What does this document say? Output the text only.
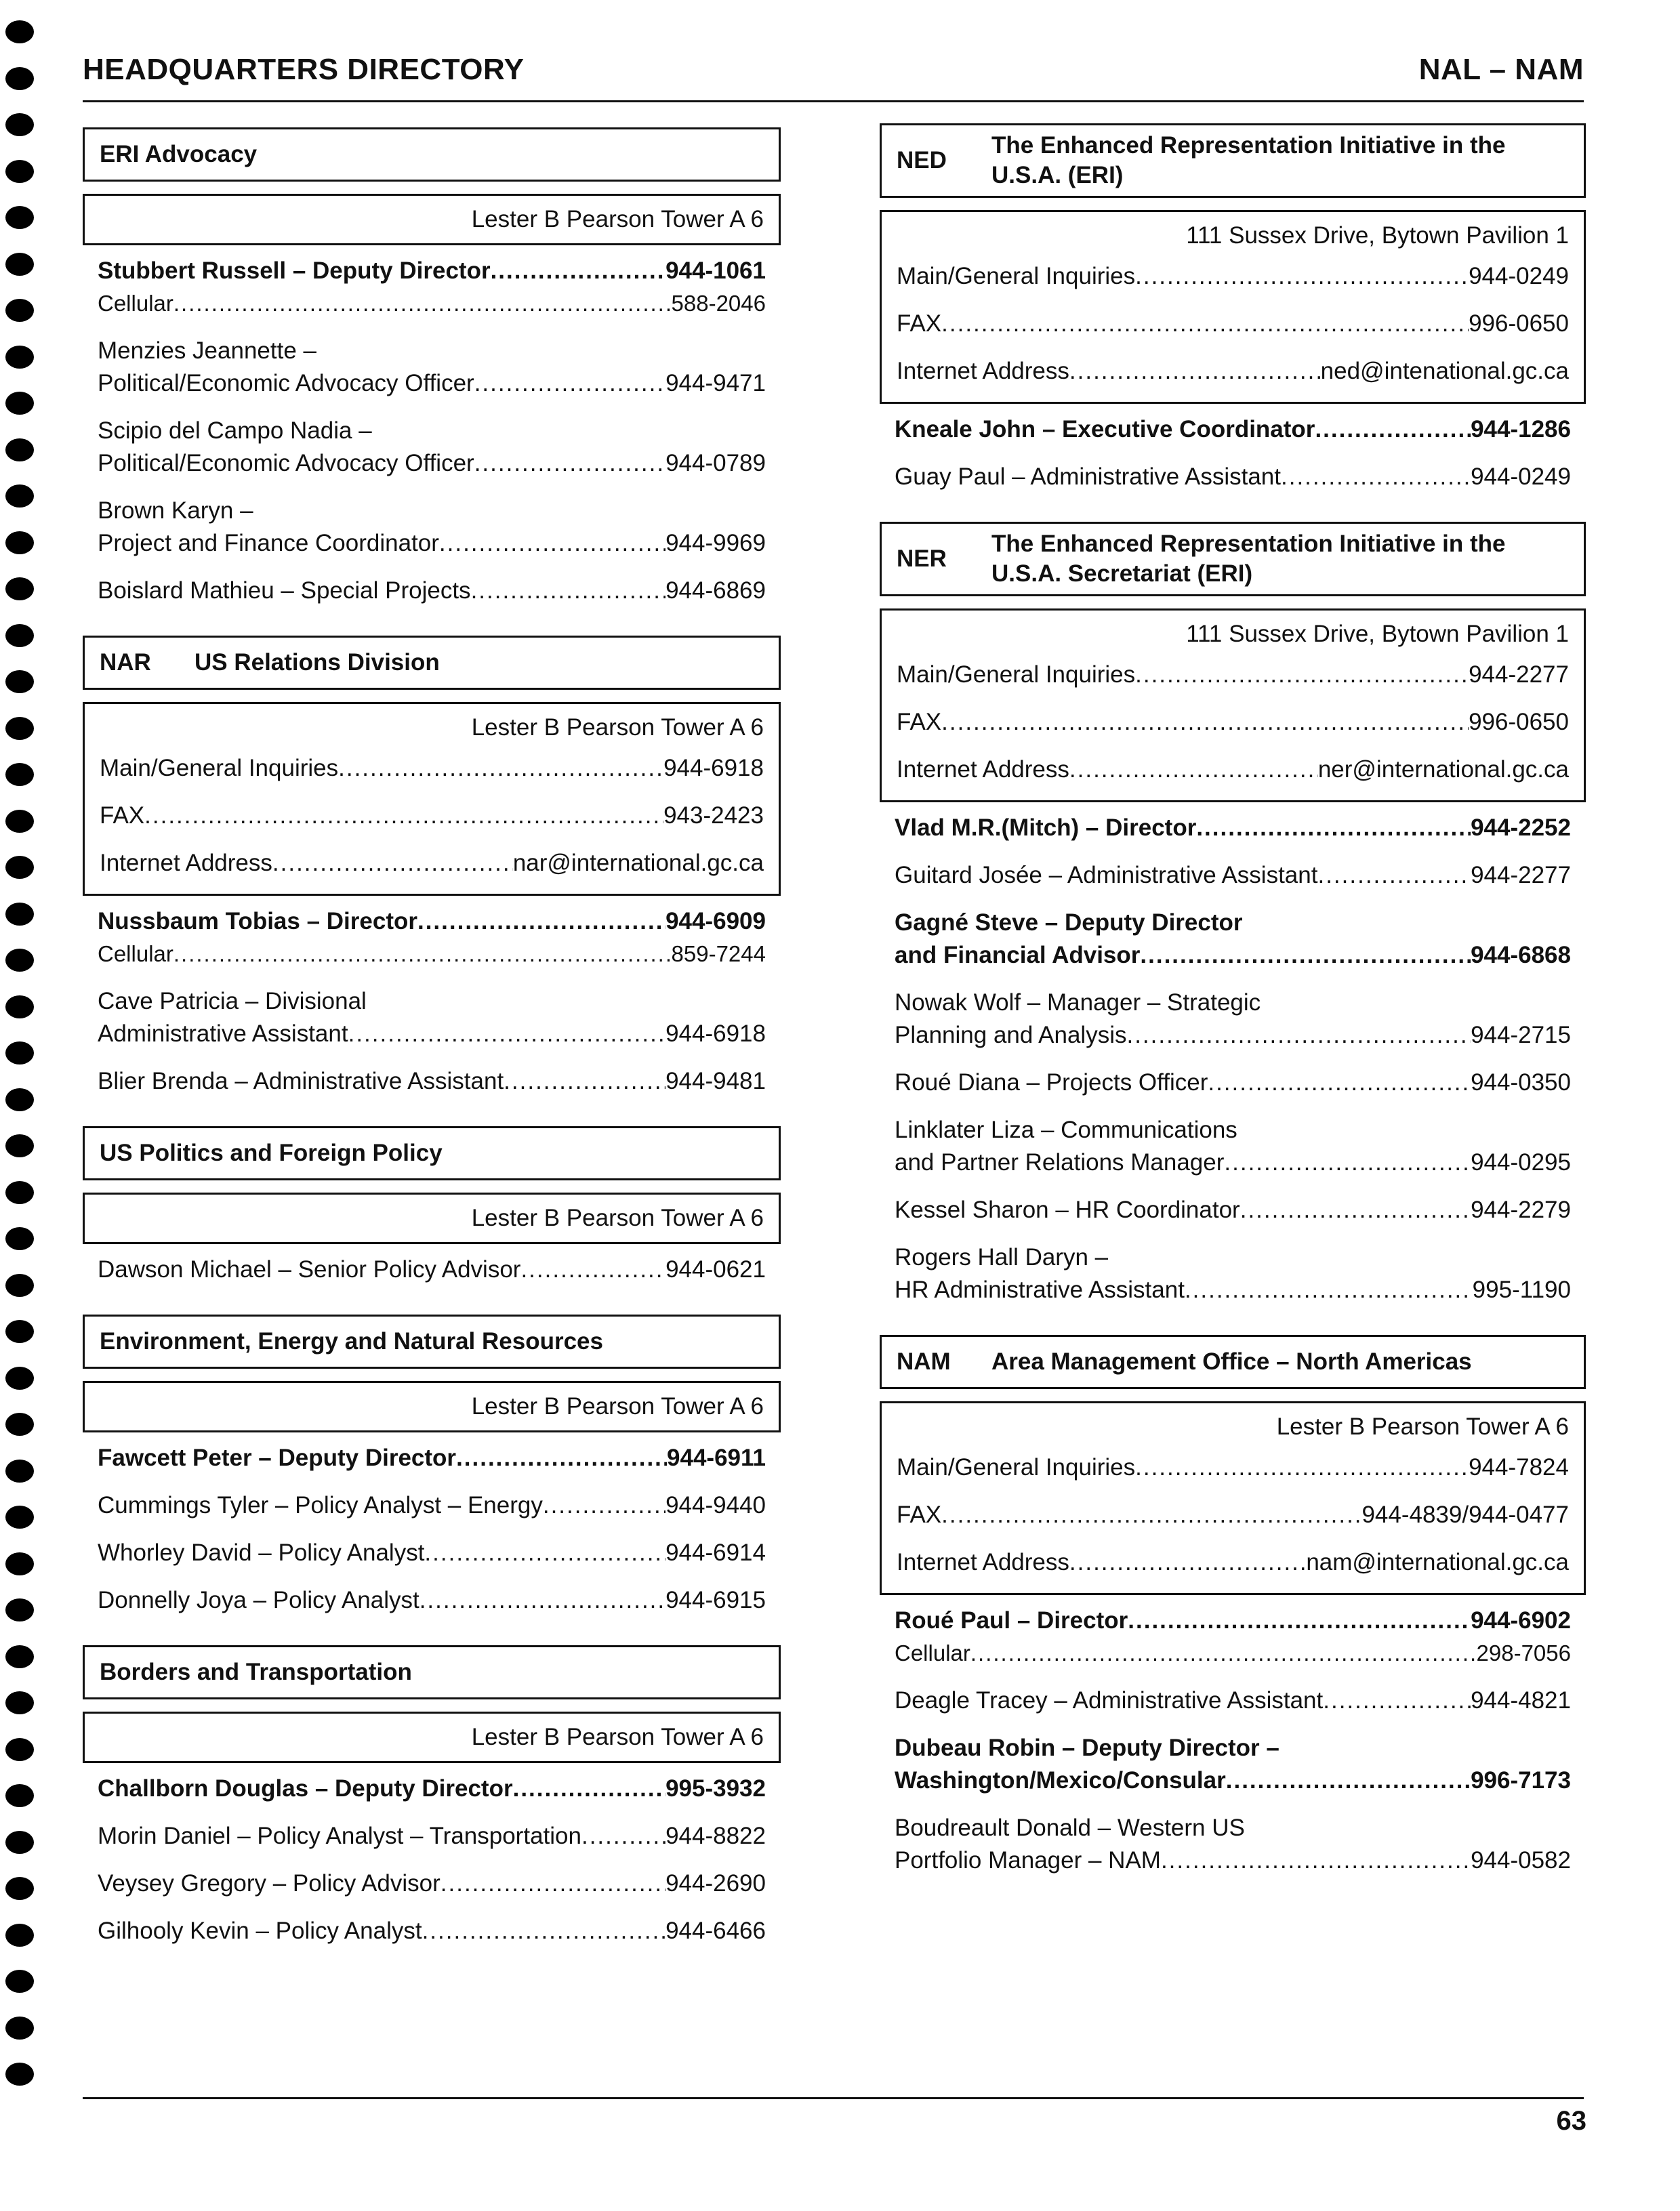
HEADQUARTERS DIRECTORY	NAL – NAM
ERI Advocacy
Lester B Pearson Tower A 6
Stubbert Russell – Deputy Director .....	944-1061
Cellular .....	588-2046
Menzies Jeannette –
Political/Economic Advocacy Officer .....	944-9471
Scipio del Campo Nadia –
Political/Economic Advocacy Officer .....	944-0789
Brown Karyn –
Project and Finance Coordinator .....	944-9969
Boislard Mathieu – Special Projects .....	944-6869
NAR	US Relations Division
Lester B Pearson Tower A 6
Main/General Inquiries .....	944-6918
FAX .....	943-2423
Internet Address .....	nar@international.gc.ca
Nussbaum Tobias – Director .....	944-6909
Cellular .....	859-7244
Cave Patricia – Divisional
Administrative Assistant .....	944-6918
Blier Brenda – Administrative Assistant .....	944-9481
US Politics and Foreign Policy
Lester B Pearson Tower A 6
Dawson Michael – Senior Policy Advisor .....	944-0621
Environment, Energy and Natural Resources
Lester B Pearson Tower A 6
Fawcett Peter – Deputy Director .....	944-6911
Cummings Tyler – Policy Analyst – Energy .....	944-9440
Whorley David – Policy Analyst .....	944-6914
Donnelly Joya – Policy Analyst .....	944-6915
Borders and Transportation
Lester B Pearson Tower A 6
Challborn Douglas – Deputy Director .....	995-3932
Morin Daniel – Policy Analyst – Transportation .....	944-8822
Veysey Gregory – Policy Advisor .....	944-2690
Gilhooly Kevin – Policy Analyst .....	944-6466
NED
The Enhanced Representation Initiative in the U.S.A. (ERI)
111 Sussex Drive, Bytown Pavilion 1
Main/General Inquiries .....	944-0249
FAX .....	996-0650
Internet Address .....	ned@intenational.gc.ca
Kneale John – Executive Coordinator .....	944-1286
Guay Paul – Administrative Assistant .....	944-0249
NER
The Enhanced Representation Initiative in the U.S.A. Secretariat (ERI)
111 Sussex Drive, Bytown Pavilion 1
Main/General Inquiries .....	944-2277
FAX .....	996-0650
Internet Address .....	ner@international.gc.ca
Vlad M.R.(Mitch) – Director .....	944-2252
Guitard Josée – Administrative Assistant .....	944-2277
Gagné Steve – Deputy Director
and Financial Advisor .....	944-6868
Nowak Wolf – Manager – Strategic
Planning and Analysis .....	944-2715
Roué Diana – Projects Officer .....	944-0350
Linklater Liza – Communications
and Partner Relations Manager .....	944-0295
Kessel Sharon – HR Coordinator .....	944-2279
Rogers Hall Daryn –
HR Administrative Assistant .....	995-1190
NAM	Area Management Office – North Americas
Lester B Pearson Tower A 6
Main/General Inquiries .....	944-7824
FAX .....	944-4839/944-0477
Internet Address .....	nam@international.gc.ca
Roué Paul – Director .....	944-6902
Cellular .....	298-7056
Deagle Tracey – Administrative Assistant .....	944-4821
Dubeau Robin – Deputy Director –
Washington/Mexico/Consular .....	996-7173
Boudreault Donald – Western US
Portfolio Manager – NAM .....	944-0582
63
